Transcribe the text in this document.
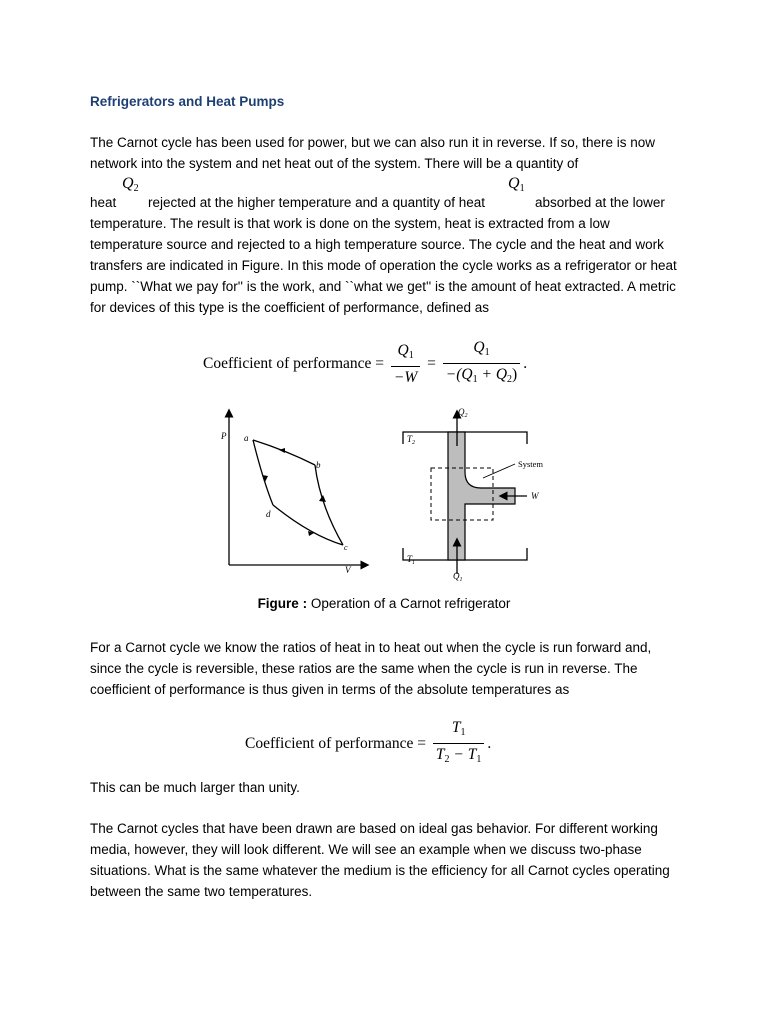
Refrigerators and Heat Pumps
The Carnot cycle has been used for power, but we can also run it in reverse. If so, there is now
network into the system and net heat out of the system. There will be a quantity of
$Q_2$	$Q_1$
heat rejected at the higher temperature and a quantity of heat	absorbed at the lower
temperature. The result is that work is done on the system, heat is extracted from a low temperature source and rejected to a high temperature source. The cycle and the heat and work transfers are indicated in Figure. In this mode of operation the cycle works as a refrigerator or heat pump. ``What we pay for'' is the work, and ``what we get'' is the amount of heat extracted. A metric for devices of this type is the coefficient of performance, defined as
Coefficient of performance = $\frac{Q_1}{-W} = \frac{Q_1}{-(Q_1 + Q_2)}$ .
P
V
a
b
c
d
$Q_2$
$Q_1$
$T_2$
$T_1$
System
W
Figure : Operation of a Carnot refrigerator
For a Carnot cycle we know the ratios of heat in to heat out when the cycle is run forward and, since the cycle is reversible, these ratios are the same when the cycle is run in reverse. The coefficient of performance is thus given in terms of the absolute temperatures as
Coefficient of performance = $\frac{T_1}{T_2 - T_1}$ .
This can be much larger than unity.
The Carnot cycles that have been drawn are based on ideal gas behavior. For different working media, however, they will look different. We will see an example when we discuss two-phase situations. What is the same whatever the medium is the efficiency for all Carnot cycles operating between the same two temperatures.
